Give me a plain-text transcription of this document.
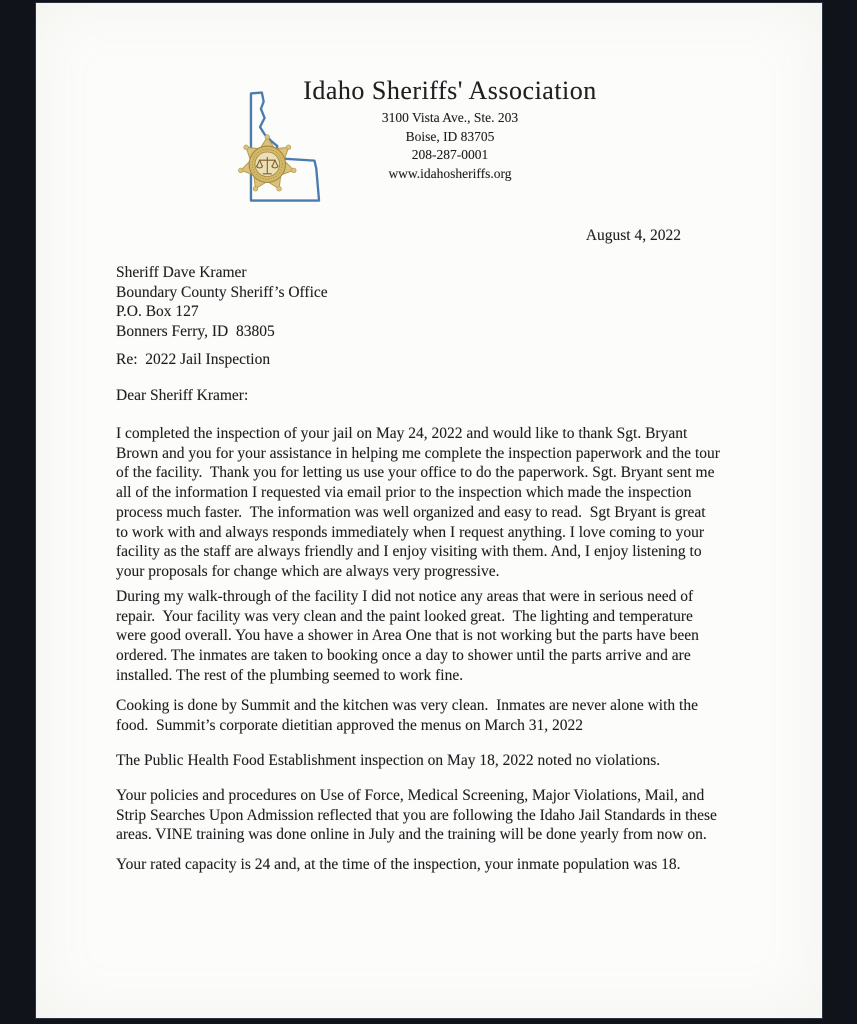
Idaho Sheriffs' Association
3100 Vista Ave., Ste. 203
Boise, ID 83705
208-287-0001
www.idahosheriffs.org
August 4, 2022
Sheriff Dave Kramer
Boundary County Sheriff’s Office
P.O. Box 127
Bonners Ferry, ID  83805
Re:  2022 Jail Inspection
Dear Sheriff Kramer:
I completed the inspection of your jail on May 24, 2022 and would like to thank Sgt. Bryant
Brown and you for your assistance in helping me complete the inspection paperwork and the tour
of the facility.  Thank you for letting us use your office to do the paperwork. Sgt. Bryant sent me
all of the information I requested via email prior to the inspection which made the inspection
process much faster.  The information was well organized and easy to read.  Sgt Bryant is great
to work with and always responds immediately when I request anything. I love coming to your
facility as the staff are always friendly and I enjoy visiting with them. And, I enjoy listening to
your proposals for change which are always very progressive.
During my walk-through of the facility I did not notice any areas that were in serious need of
repair.  Your facility was very clean and the paint looked great.  The lighting and temperature
were good overall. You have a shower in Area One that is not working but the parts have been
ordered. The inmates are taken to booking once a day to shower until the parts arrive and are
installed. The rest of the plumbing seemed to work fine.
Cooking is done by Summit and the kitchen was very clean.  Inmates are never alone with the
food.  Summit’s corporate dietitian approved the menus on March 31, 2022
The Public Health Food Establishment inspection on May 18, 2022 noted no violations.
Your policies and procedures on Use of Force, Medical Screening, Major Violations, Mail, and
Strip Searches Upon Admission reflected that you are following the Idaho Jail Standards in these
areas. VINE training was done online in July and the training will be done yearly from now on.
Your rated capacity is 24 and, at the time of the inspection, your inmate population was 18.
